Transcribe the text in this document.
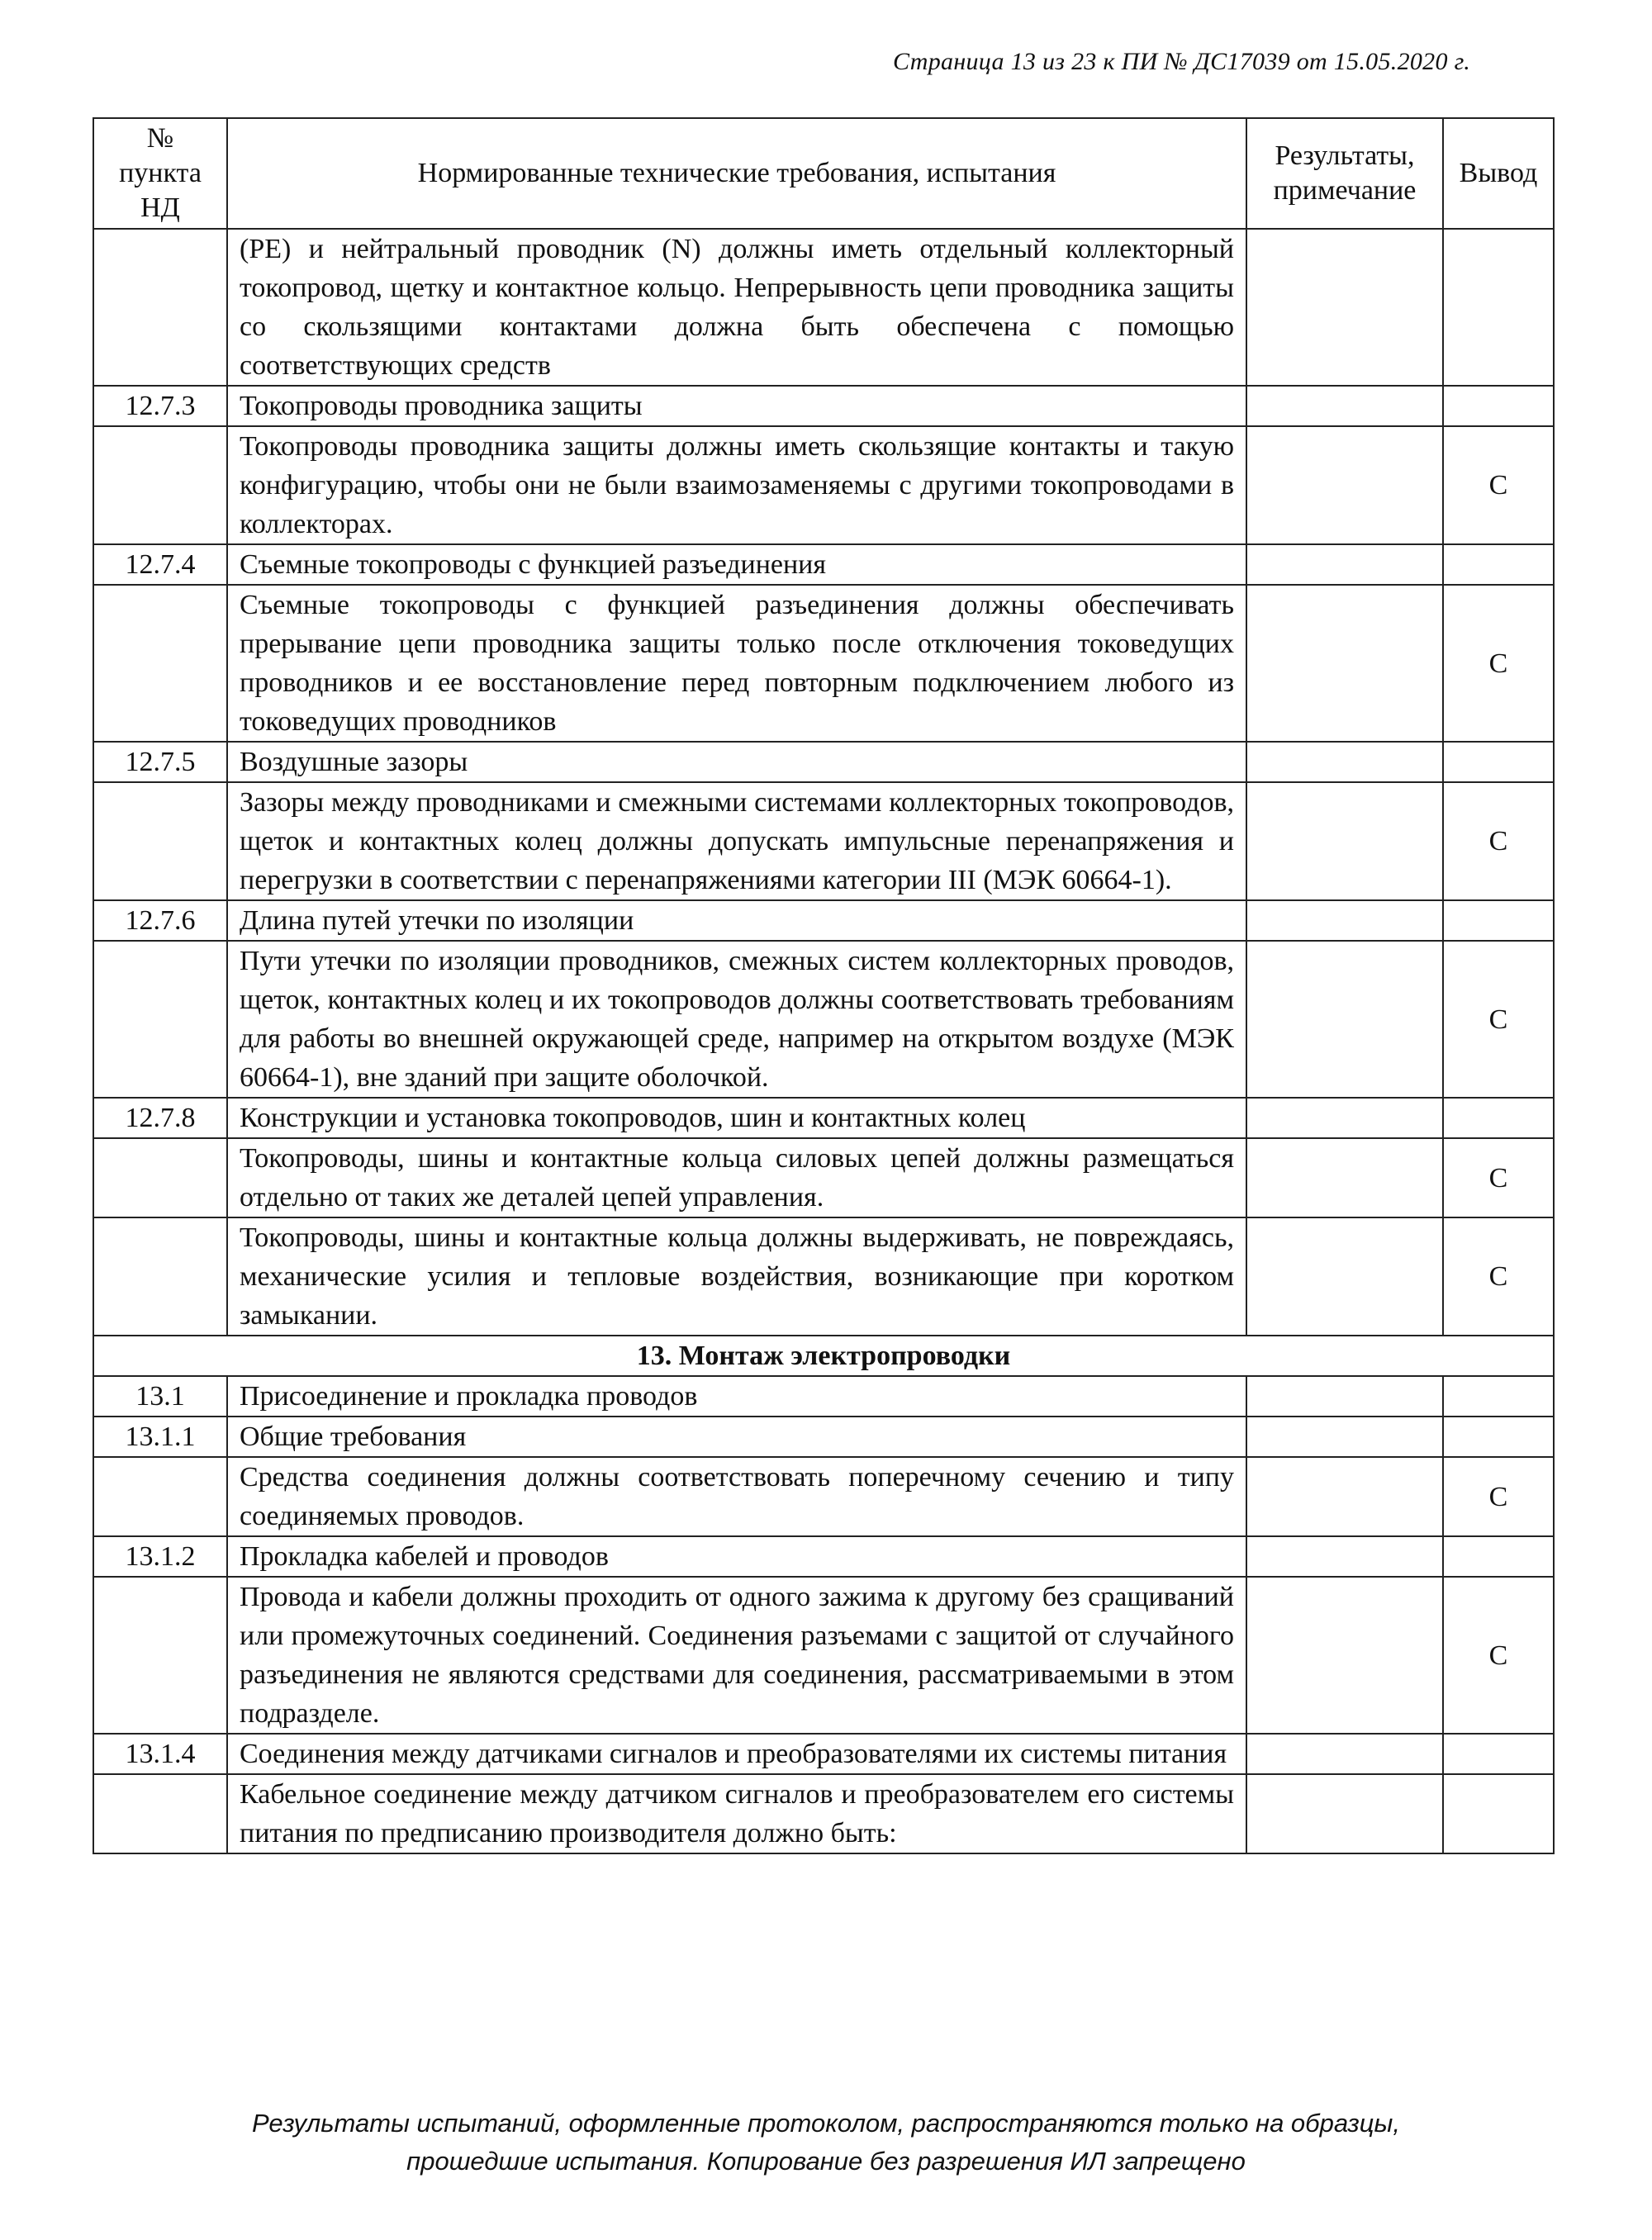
Страница 13 из 23 к ПИ № ДС17039 от 15.05.2020 г.
№ пункта НД	Нормированные технические требования, испытания	Результаты, примечание	Вывод
	(PE) и нейтральный проводник (N) должны иметь отдельный коллекторный токопровод, щетку и контактное кольцо. Непрерывность цепи проводника защиты со скользящими контактами должна быть обеспечена с помощью соответствующих средств		
12.7.3	Токопроводы проводника защиты		
	Токопроводы проводника защиты должны иметь скользящие контакты и такую конфигурацию, чтобы они не были взаимозаменяемы с другими токопроводами в коллекторах.		С
12.7.4	Съемные токопроводы с функцией разъединения		
	Съемные токопроводы с функцией разъединения должны обеспечивать прерывание цепи проводника защиты только после отключения токоведущих проводников и ее восстановление перед повторным подключением любого из токоведущих проводников		С
12.7.5	Воздушные зазоры		
	Зазоры между проводниками и смежными системами коллекторных токопроводов, щеток и контактных колец должны допускать импульсные перенапряжения и перегрузки в соответствии с перенапряжениями категории III (МЭК 60664-1).		С
12.7.6	Длина путей утечки по изоляции		
	Пути утечки по изоляции проводников, смежных систем коллекторных проводов, щеток, контактных колец и их токопроводов должны соответствовать требованиям для работы во внешней окружающей среде, например на открытом воздухе (МЭК 60664-1), вне зданий при защите оболочкой.		С
12.7.8	Конструкции и установка токопроводов, шин и контактных колец		
	Токопроводы, шины и контактные кольца силовых цепей должны размещаться отдельно от таких же деталей цепей управления.		С
	Токопроводы, шины и контактные кольца должны выдерживать, не повреждаясь, механические усилия и тепловые воздействия, возникающие при коротком замыкании.		С
13. Монтаж электропроводки			
13.1	Присоединение и прокладка проводов		
13.1.1	Общие требования		
	Средства соединения должны соответствовать поперечному сечению и типу соединяемых проводов.		С
13.1.2	Прокладка кабелей и проводов		
	Провода и кабели должны проходить от одного зажима к другому без сращиваний или промежуточных соединений. Соединения разъемами с защитой от случайного разъединения не являются средствами для соединения, рассматриваемыми в этом подразделе.		С
13.1.4	Соединения между датчиками сигналов и преобразователями их системы питания		
	Кабельное соединение между датчиком сигналов и преобразователем его системы питания по предписанию производителя должно быть:		
Результаты испытаний, оформленные протоколом, распространяются только на образцы,
прошедшие испытания. Копирование без разрешения ИЛ запрещено
